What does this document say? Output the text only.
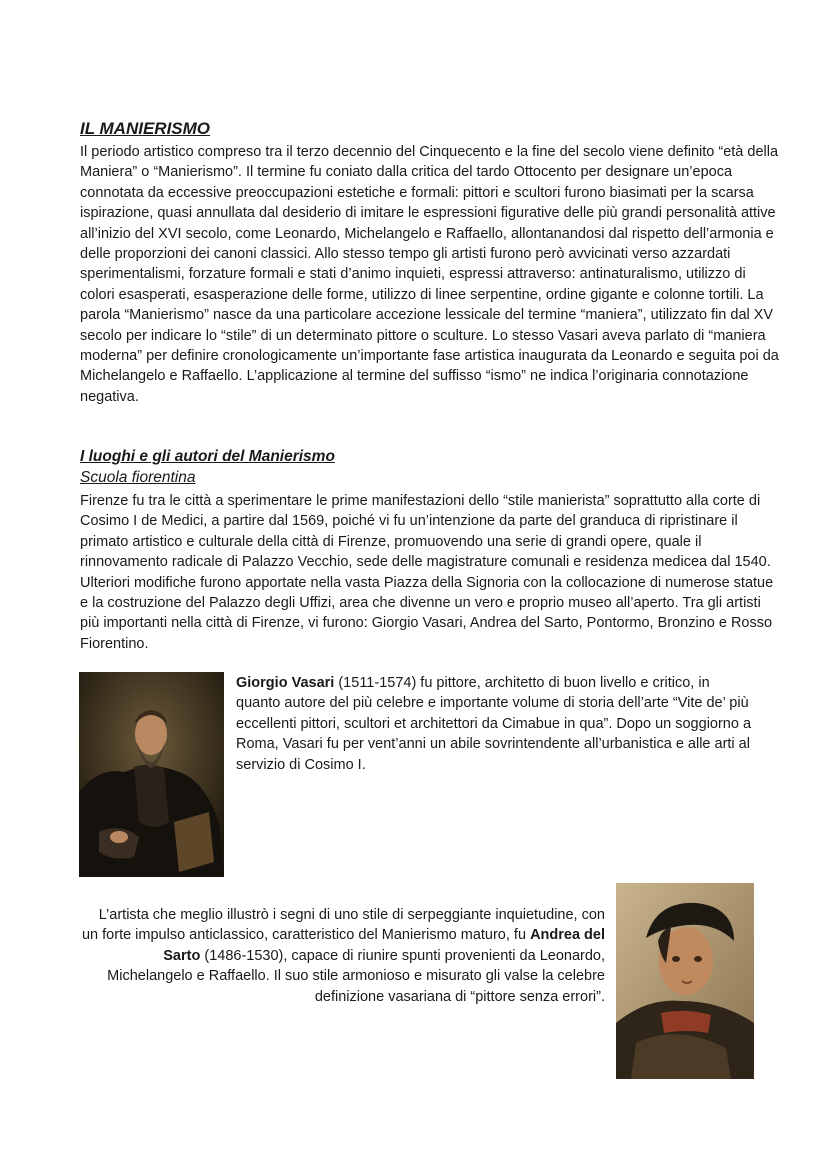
IL MANIERISMO
Il periodo artistico compreso tra il terzo decennio del Cinquecento e la fine del secolo viene definito “età della Maniera” o “Manierismo”. Il termine fu coniato dalla critica del tardo Ottocento per designare un’epoca connotata da eccessive preoccupazioni estetiche e formali: pittori e scultori furono biasimati per la scarsa ispirazione, quasi annullata dal desiderio di imitare le espressioni figurative delle più grandi personalità attive all’inizio del XVI secolo, come Leonardo, Michelangelo e Raffaello, allontanandosi dal rispetto dell’armonia e delle proporzioni dei canoni classici. Allo stesso tempo gli artisti furono però avvicinati verso azzardati sperimentalismi, forzature formali e stati d’animo inquieti, espressi attraverso: antinaturalismo, utilizzo di colori esasperati, esasperazione delle forme, utilizzo di linee serpentine, ordine gigante e colonne tortili. La parola “Manierismo” nasce da una particolare accezione lessicale del termine “maniera”, utilizzato fin dal XV secolo per indicare lo “stile” di un determinato pittore o sculture. Lo stesso Vasari aveva parlato di “maniera moderna” per definire cronologicamente un’importante fase artistica inaugurata da Leonardo e seguita poi da Michelangelo e Raffaello. L’applicazione al termine del suffisso “ismo” ne indica l’originaria connotazione negativa.
I luoghi e gli autori del Manierismo
Scuola fiorentina
Firenze fu tra le città a sperimentare le prime manifestazioni dello “stile manierista” soprattutto alla corte di Cosimo I de Medici, a partire dal 1569, poiché vi fu un’intenzione da parte del granduca di ripristinare il primato artistico e culturale della città di Firenze, promuovendo una serie di grandi opere, quale il rinnovamento radicale di Palazzo Vecchio, sede delle magistrature comunali e residenza medicea dal 1540. Ulteriori modifiche furono apportate nella vasta Piazza della Signoria con la collocazione di numerose statue e la costruzione del Palazzo degli Uffizi, area che divenne un vero e proprio museo all’aperto. Tra gli artisti più importanti nella città di Firenze, vi furono: Giorgio Vasari, Andrea del Sarto, Pontormo, Bronzino e Rosso Fiorentino.
Giorgio Vasari (1511-1574) fu pittore, architetto di buon livello e critico, in quanto autore del più celebre e importante volume di storia dell’arte “Vite de’ più eccellenti pittori, scultori et architettori da Cimabue in qua”. Dopo un soggiorno a Roma, Vasari fu per vent’anni un abile sovrintendente all’urbanistica e alle arti al servizio di Cosimo I.
L’artista che meglio illustrò i segni di uno stile di serpeggiante inquietudine, con un forte impulso anticlassico, caratteristico del Manierismo maturo, fu Andrea del Sarto (1486-1530), capace di riunire spunti provenienti da Leonardo, Michelangelo e Raffaello. Il suo stile armonioso e misurato gli valse la celebre definizione vasariana di “pittore senza errori”.
